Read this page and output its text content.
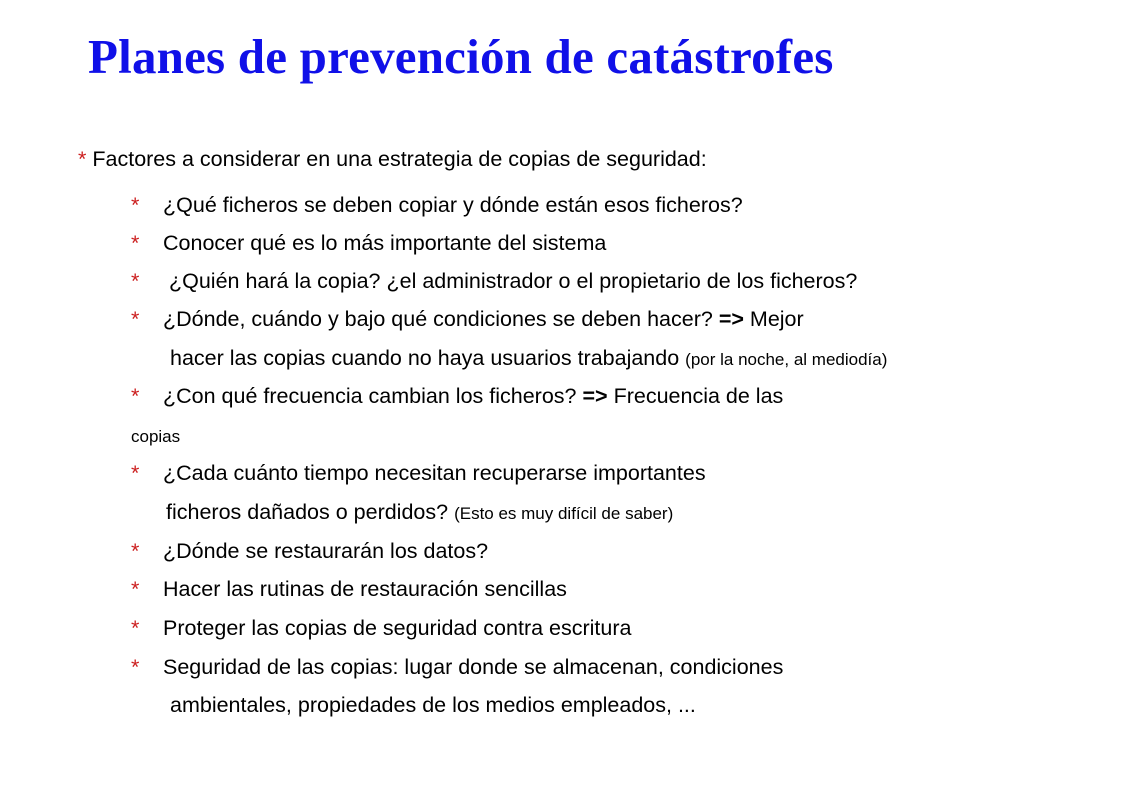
Planes de prevención de catástrofes
* Factores a considerar en una estrategia de copias de seguridad:
* ¿Qué ficheros se deben copiar y dónde están esos ficheros?
* Conocer qué es lo más importante del sistema
* ¿Quién hará la copia? ¿el administrador o el propietario de los ficheros?
* ¿Dónde, cuándo y bajo qué condiciones se deben hacer? => Mejor
hacer las copias cuando no haya usuarios trabajando (por la noche, al mediodía)
* ¿Con qué frecuencia cambian los ficheros? => Frecuencia de las
copias
* ¿Cada cuánto tiempo necesitan recuperarse importantes
ficheros dañados o perdidos? (Esto es muy difícil de saber)
* ¿Dónde se restaurarán los datos?
* Hacer las rutinas de restauración sencillas
* Proteger las copias de seguridad contra escritura
* Seguridad de las copias: lugar donde se almacenan, condiciones
ambientales, propiedades de los medios empleados, ...
